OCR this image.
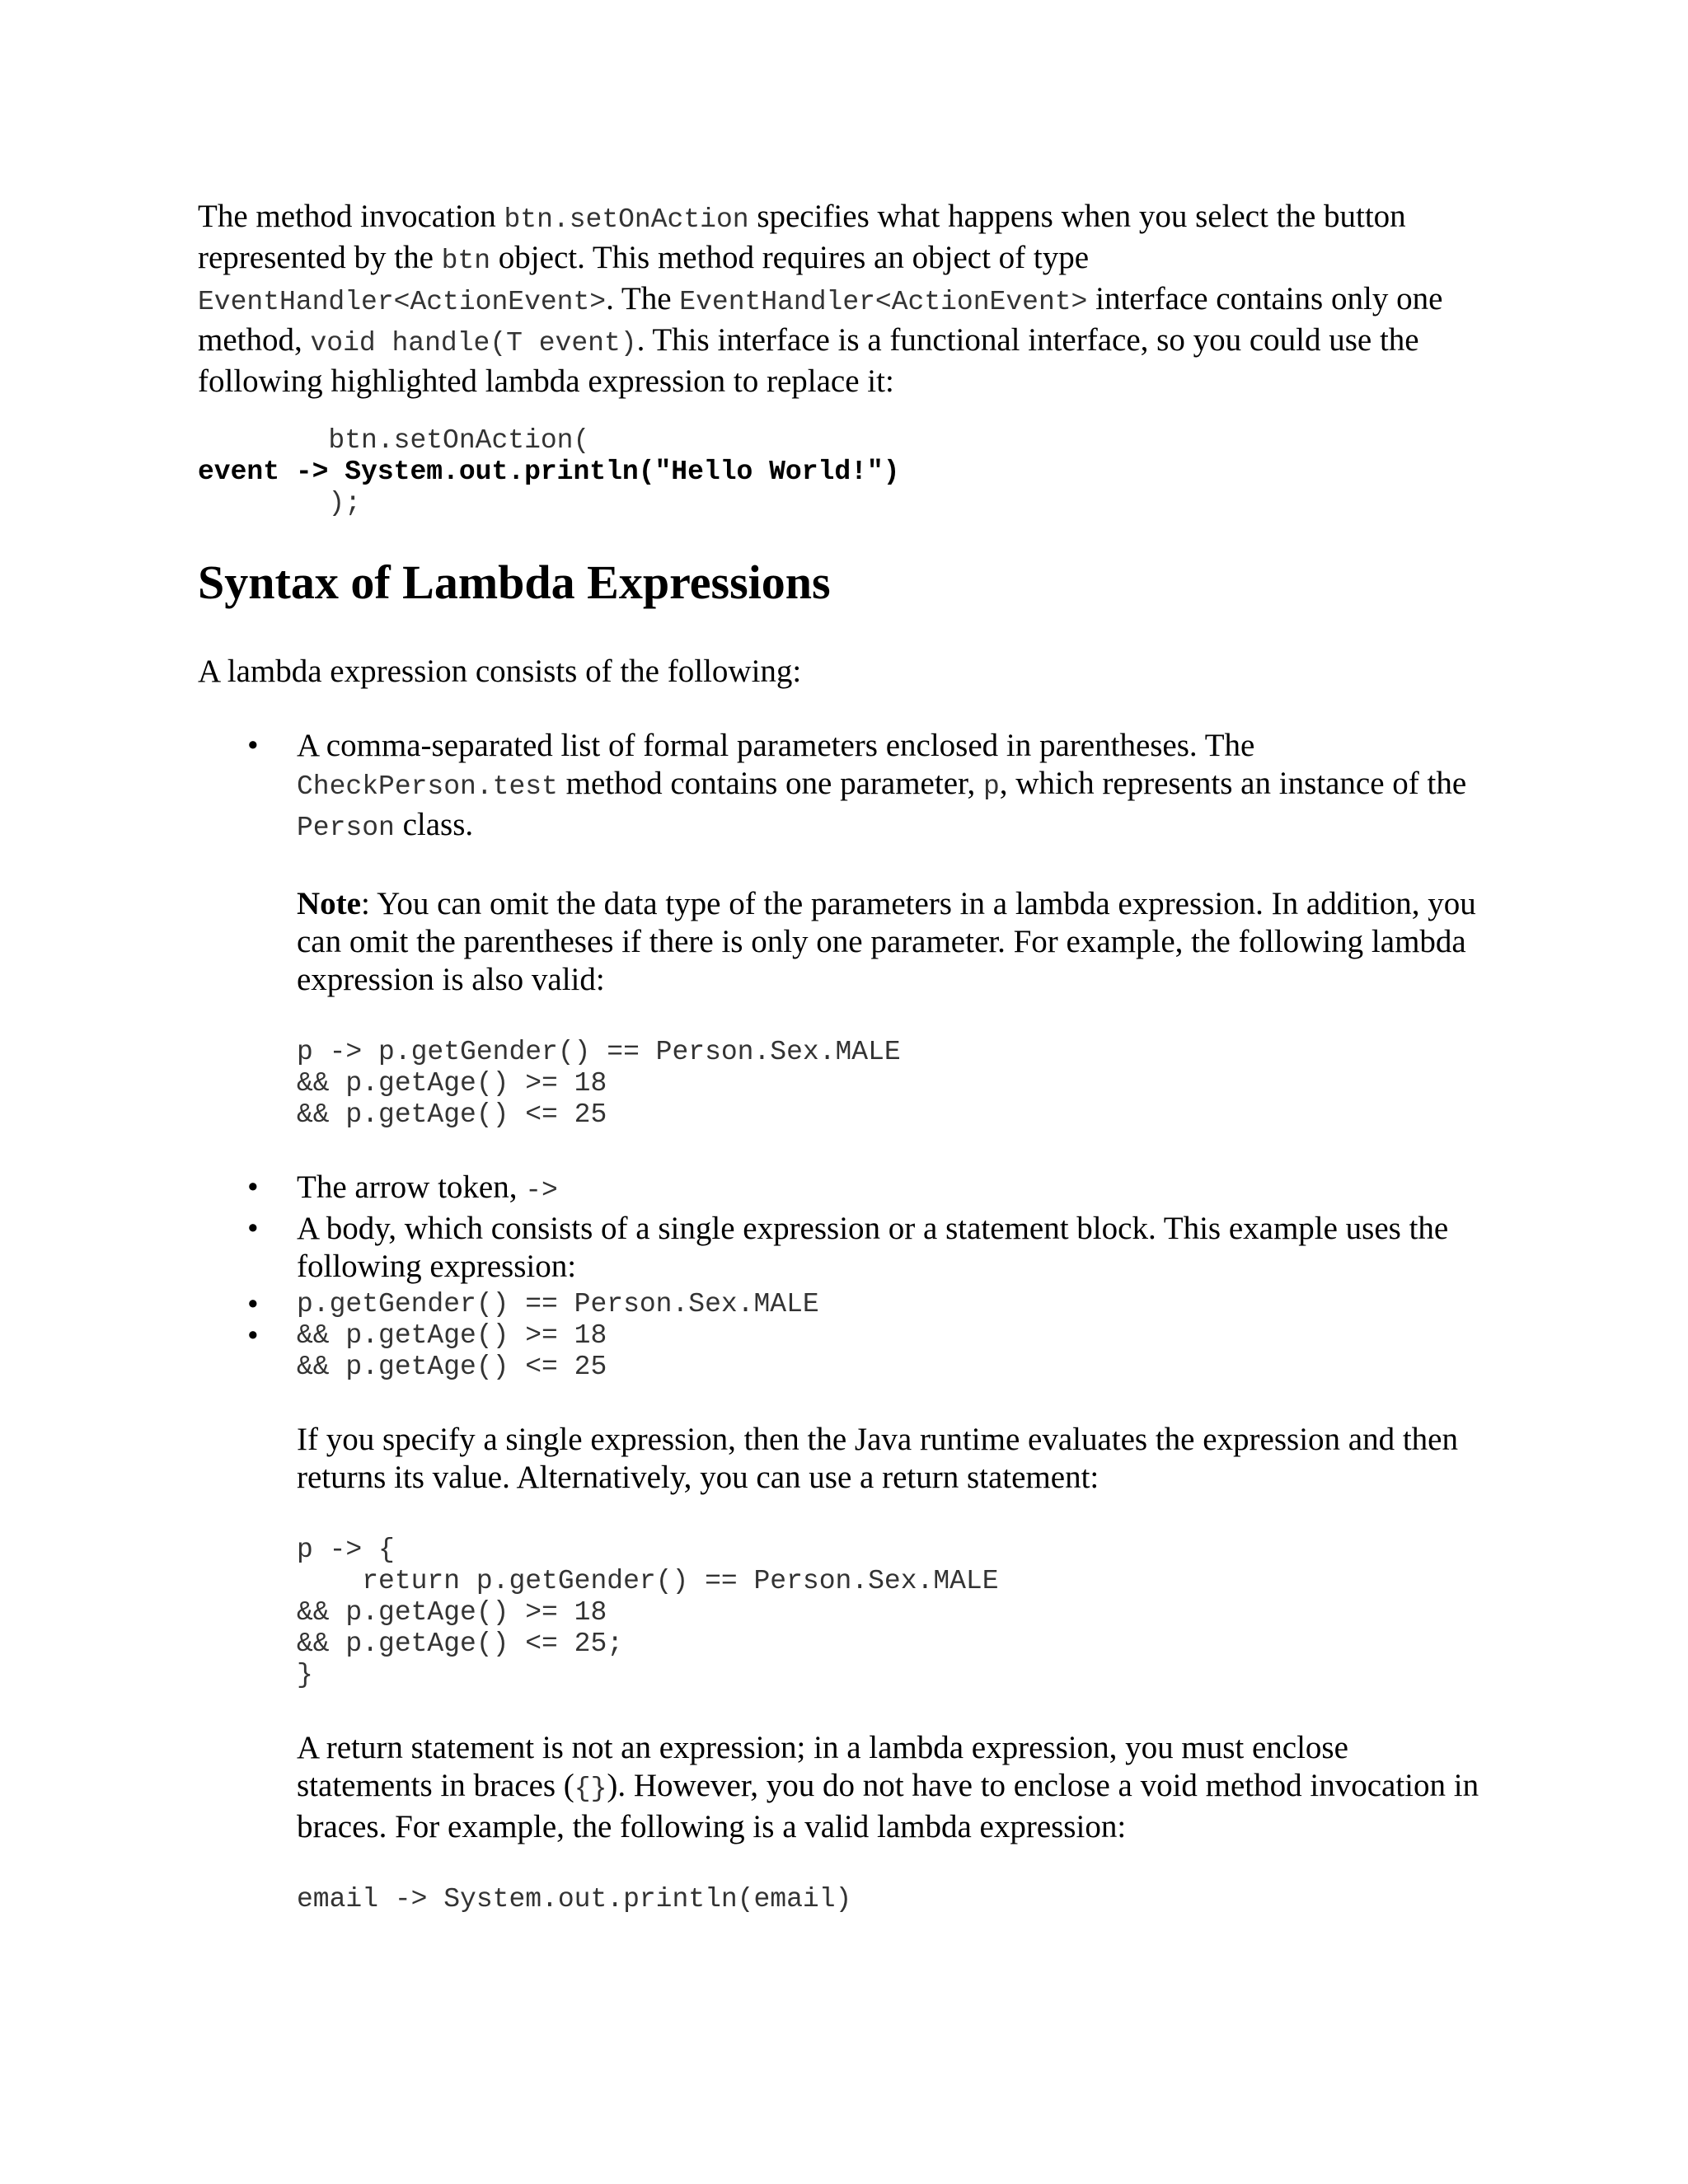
The method invocation btn.setOnAction specifies what happens when you select the button represented by the btn object. This method requires an object of type EventHandler<ActionEvent>. The EventHandler<ActionEvent> interface contains only one method, void handle(T event). This interface is a functional interface, so you could use the following highlighted lambda expression to replace it:

btn.setOnAction(
event -> System.out.println("Hello World!")
);
Syntax of Lambda Expressions

A lambda expression consists of the following:

• A comma-separated list of formal parameters enclosed in parentheses. The CheckPerson.test method contains one parameter, p, which represents an instance of the Person class.

Note: You can omit the data type of the parameters in a lambda expression. In addition, you can omit the parentheses if there is only one parameter. For example, the following lambda expression is also valid:

p -> p.getGender() == Person.Sex.MALE
&& p.getAge() >= 18
&& p.getAge() <= 25
• The arrow token, ->

• A body, which consists of a single expression or a statement block. This example uses the following expression:

• p.getGender() == Person.Sex.MALE
• && p.getAge() >= 18
&& p.getAge() <= 25

If you specify a single expression, then the Java runtime evaluates the expression and then returns its value. Alternatively, you can use a return statement:

p -> {
return p.getGender() == Person.Sex.MALE
&& p.getAge() >= 18
&& p.getAge() <= 25;
}

A return statement is not an expression; in a lambda expression, you must enclose statements in braces ({}). However, you do not have to enclose a void method invocation in braces. For example, the following is a valid lambda expression:

email -> System.out.println(email)
